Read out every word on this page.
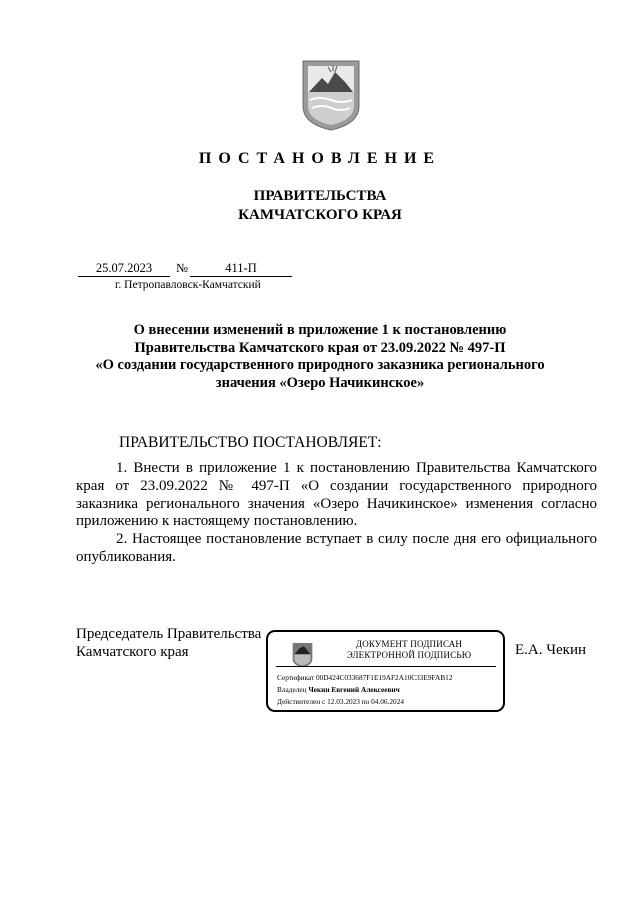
ПОСТАНОВЛЕНИЕ
ПРАВИТЕЛЬСТВА
КАМЧАТСКОГО КРАЯ
25.07.2023	№	411-П
г. Петропавловск-Камчатский
О внесении изменений в приложение 1 к постановлению
Правительства Камчатского края от 23.09.2022 № 497-П
«О создании государственного природного заказника регионального
значения «Озеро Начикинское»
ПРАВИТЕЛЬСТВО ПОСТАНОВЛЯЕТ:

1. Внести в приложение 1 к постановлению Правительства Камчатского края от 23.09.2022 № 497-П «О создании государственного природного заказника регионального значения «Озеро Начикинское» изменения согласно приложению к настоящему постановлению.

2. Настоящее постановление вступает в силу после дня его официального опубликования.

Председатель Правительства
Камчатского края	ДОКУМЕНТ ПОДПИСАН
ЭЛЕКТРОННОЙ ПОДПИСЬЮ
Сертификат 00D424C033687F1E19AF2A10C33E9FAB12
Владелец Чекин Евгений Алексеевич
Действителен с 12.03.2023 по 04.06.2024
Е.А. Чекин
